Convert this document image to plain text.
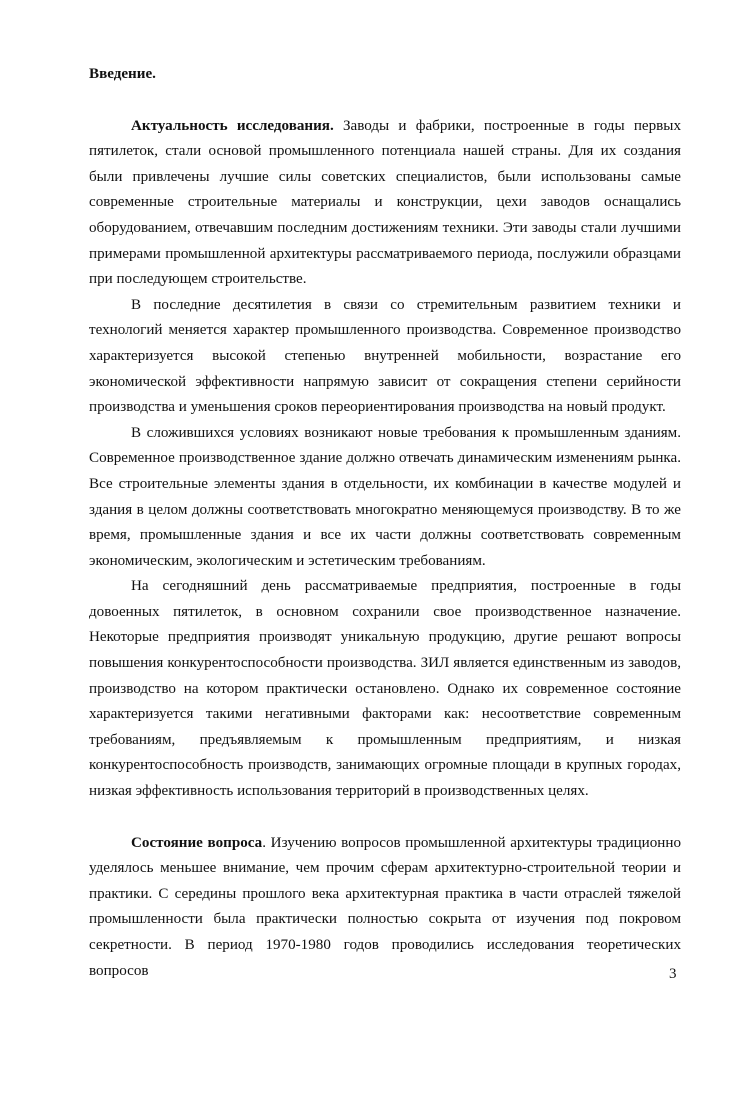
Введение.

Актуальность исследования. Заводы и фабрики, построенные в годы первых пятилеток, стали основой промышленного потенциала нашей страны. Для их создания были привлечены лучшие силы советских специалистов, были использованы самые современные строительные материалы и конструкции, цехи заводов оснащались оборудованием, отвечавшим последним достижениям техники. Эти заводы стали лучшими примерами промышленной архитектуры рассматриваемого периода, послужили образцами при последующем строительстве.

В последние десятилетия в связи со стремительным развитием техники и технологий меняется характер промышленного производства. Современное производство характеризуется высокой степенью внутренней мобильности, возрастание его экономической эффективности напрямую зависит от сокращения степени серийности производства и уменьшения сроков переориентирования производства на новый продукт.

В сложившихся условиях возникают новые требования к промышленным зданиям. Современное производственное здание должно отвечать динамическим изменениям рынка. Все строительные элементы здания в отдельности, их комбинации в качестве модулей и здания в целом должны соответствовать многократно меняющемуся производству. В то же время, промышленные здания и все их части должны соответствовать современным экономическим, экологическим и эстетическим требованиям.

На сегодняшний день рассматриваемые предприятия, построенные в годы довоенных пятилеток, в основном сохранили свое производственное назначение. Некоторые предприятия производят уникальную продукцию, другие решают вопросы повышения конкурентоспособности производства. ЗИЛ является единственным из заводов, производство на котором практически остановлено. Однако их современное состояние характеризуется такими негативными факторами как: несоответствие современным требованиям, предъявляемым к промышленным предприятиям, и низкая конкурентоспособность производств, занимающих огромные площади в крупных городах, низкая эффективность использования территорий в производственных целях.

Состояние вопроса. Изучению вопросов промышленной архитектуры традиционно уделялось меньшее внимание, чем прочим сферам архитектурно-строительной теории и практики. С середины прошлого века архитектурная практика в части отраслей тяжелой промышленности была практически полностью сокрыта от изучения под покровом секретности. В период 1970-1980 годов проводились исследования теоретических вопросов	3
